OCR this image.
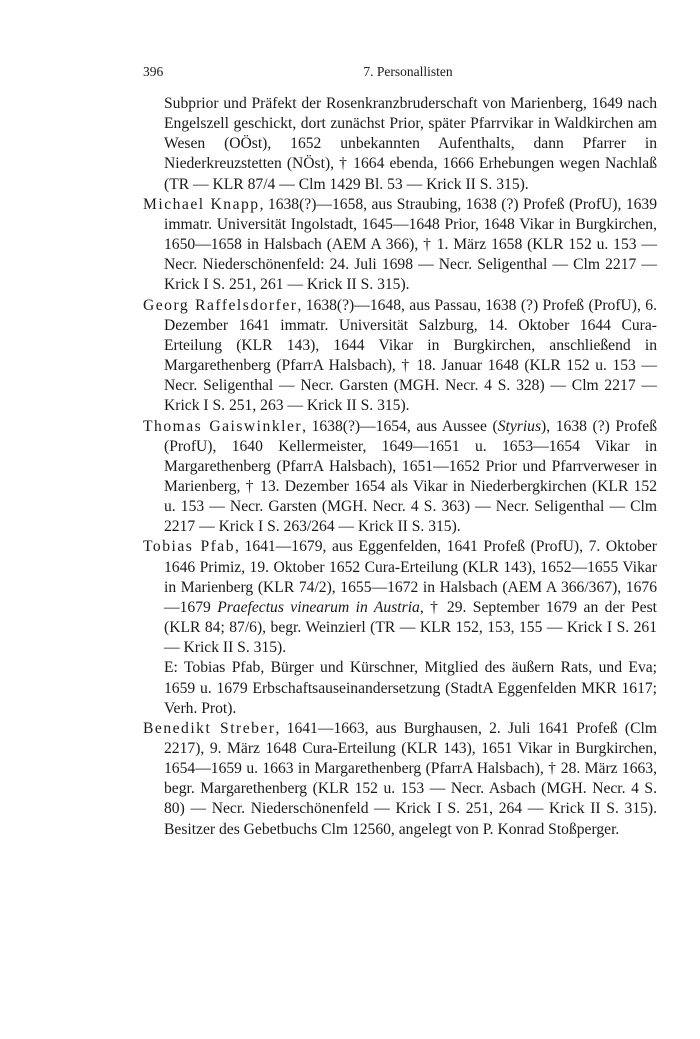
396	7. Personallisten

Subprior und Präfekt der Rosenkranzbruderschaft von Marienberg, 1649 nach Engelszell geschickt, dort zunächst Prior, später Pfarrvikar in Waldkirchen am Wesen (OÖst), 1652 unbekannten Aufenthalts, dann Pfarrer in Niederkreuzstetten (NÖst), † 1664 ebenda, 1666 Erhebungen wegen Nachlaß (TR — KLR 87/4 — Clm 1429 Bl. 53 — Krick II S. 315).

Michael Knapp, 1638(?)—1658, aus Straubing, 1638 (?) Profeß (ProfU), 1639 immatr. Universität Ingolstadt, 1645—1648 Prior, 1648 Vikar in Burgkirchen, 1650—1658 in Halsbach (AEM A 366), † 1. März 1658 (KLR 152 u. 153 — Necr. Niederschönenfeld: 24. Juli 1698 — Necr. Seligenthal — Clm 2217 — Krick I S. 251, 261 — Krick II S. 315).

Georg Raffelsdorfer, 1638(?)—1648, aus Passau, 1638 (?) Profeß (ProfU), 6. Dezember 1641 immatr. Universität Salzburg, 14. Oktober 1644 Cura-Erteilung (KLR 143), 1644 Vikar in Burgkirchen, anschließend in Margarethenberg (PfarrA Halsbach), † 18. Januar 1648 (KLR 152 u. 153 — Necr. Seligenthal — Necr. Garsten (MGH. Necr. 4 S. 328) — Clm 2217 — Krick I S. 251, 263 — Krick II S. 315).

Thomas Gaiswinkler, 1638(?)—1654, aus Aussee (Styrius), 1638 (?) Profeß (ProfU), 1640 Kellermeister, 1649—1651 u. 1653—1654 Vikar in Margarethenberg (PfarrA Halsbach), 1651—1652 Prior und Pfarrverweser in Marienberg, † 13. Dezember 1654 als Vikar in Niederbergkirchen (KLR 152 u. 153 — Necr. Garsten (MGH. Necr. 4 S. 363) — Necr. Seligenthal — Clm 2217 — Krick I S. 263/264 — Krick II S. 315).

Tobias Pfab, 1641—1679, aus Eggenfelden, 1641 Profeß (ProfU), 7. Oktober 1646 Primiz, 19. Oktober 1652 Cura-Erteilung (KLR 143), 1652—1655 Vikar in Marienberg (KLR 74/2), 1655—1672 in Halsbach (AEM A 366/367), 1676—1679 Praefectus vinearum in Austria, † 29. September 1679 an der Pest (KLR 84; 87/6), begr. Weinzierl (TR — KLR 152, 153, 155 — Krick I S. 261 — Krick II S. 315).

E: Tobias Pfab, Bürger und Kürschner, Mitglied des äußern Rats, und Eva; 1659 u. 1679 Erbschaftsauseinandersetzung (StadtA Eggenfelden MKR 1617; Verh. Prot).

Benedikt Streber, 1641—1663, aus Burghausen, 2. Juli 1641 Profeß (Clm 2217), 9. März 1648 Cura-Erteilung (KLR 143), 1651 Vikar in Burgkirchen, 1654—1659 u. 1663 in Margarethenberg (PfarrA Halsbach), † 28. März 1663, begr. Margarethenberg (KLR 152 u. 153 — Necr. Asbach (MGH. Necr. 4 S. 80) — Necr. Niederschönenfeld — Krick I S. 251, 264 — Krick II S. 315). Besitzer des Gebetbuchs Clm 12560, angelegt von P. Konrad Stoßperger.
